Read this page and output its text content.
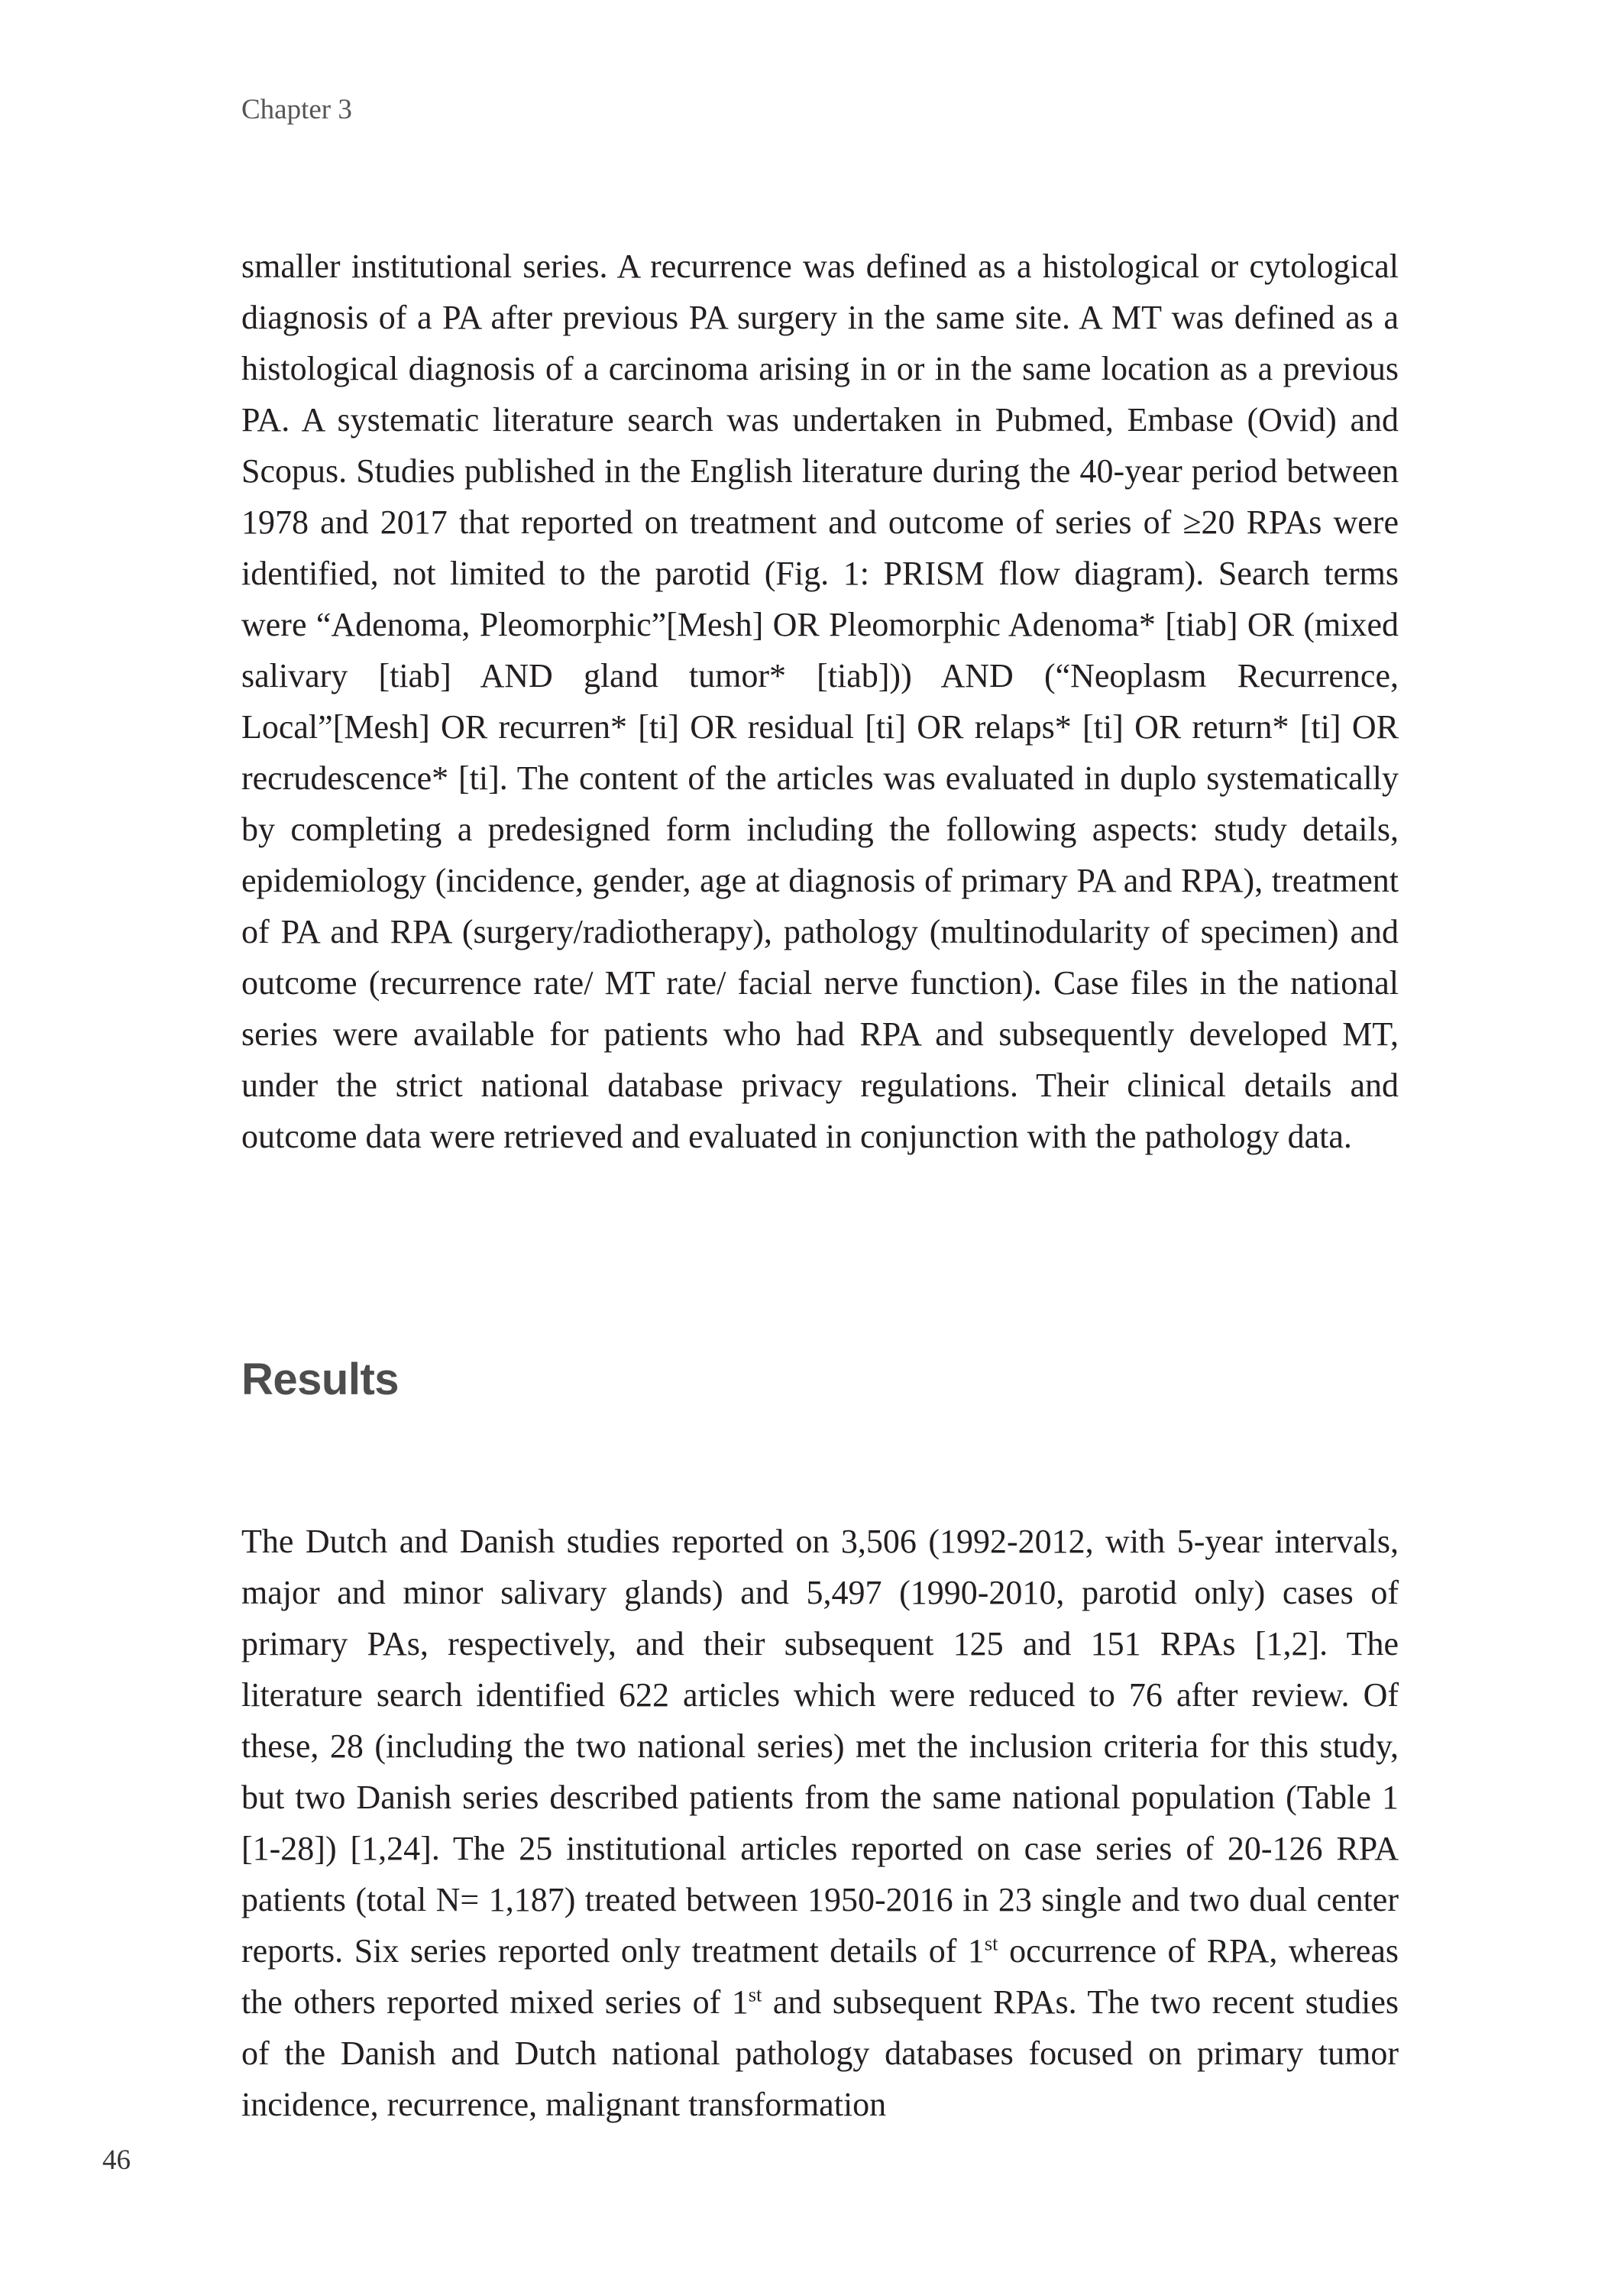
Chapter 3

smaller institutional series. A recurrence was defined as a histological or cytological diagnosis of a PA after previous PA surgery in the same site. A MT was defined as a histological diagnosis of a carcinoma arising in or in the same location as a previous PA. A systematic literature search was undertaken in Pubmed, Embase (Ovid) and Scopus. Studies published in the English literature during the 40-year period between 1978 and 2017 that reported on treatment and outcome of series of ≥20 RPAs were identified, not limited to the parotid (Fig. 1: PRISM flow diagram). Search terms were “Adenoma, Pleomorphic”[Mesh] OR Pleomorphic Adenoma* [tiab] OR (mixed salivary [tiab] AND gland tumor* [tiab])) AND (“Neoplasm Recurrence, Local”[Mesh] OR recurren* [ti] OR residual [ti] OR relaps* [ti] OR return* [ti] OR recrudescence* [ti]. The content of the articles was evaluated in duplo systematically by completing a predesigned form including the following aspects: study details, epidemiology (incidence, gender, age at diagnosis of primary PA and RPA), treatment of PA and RPA (surgery/radiotherapy), pathology (multinodularity of specimen) and outcome (recurrence rate/ MT rate/ facial nerve function). Case files in the national series were available for patients who had RPA and subsequently developed MT, under the strict national database privacy regulations. Their clinical details and outcome data were retrieved and evaluated in conjunction with the pathology data.

Results

The Dutch and Danish studies reported on 3,506 (1992-2012, with 5-year intervals, major and minor salivary glands) and 5,497 (1990-2010, parotid only) cases of primary PAs, respectively, and their subsequent 125 and 151 RPAs [1,2]. The literature search identified 622 articles which were reduced to 76 after review. Of these, 28 (including the two national series) met the inclusion criteria for this study, but two Danish series described patients from the same national population (Table 1 [1-28]) [1,24]. The 25 institutional articles reported on case series of 20-126 RPA patients (total N= 1,187) treated between 1950-2016 in 23 single and two dual center reports. Six series reported only treatment details of 1st occurrence of RPA, whereas the others reported mixed series of 1st and subsequent RPAs. The two recent studies of the Danish and Dutch national pathology databases focused on primary tumor incidence, recurrence, malignant transformation

46
